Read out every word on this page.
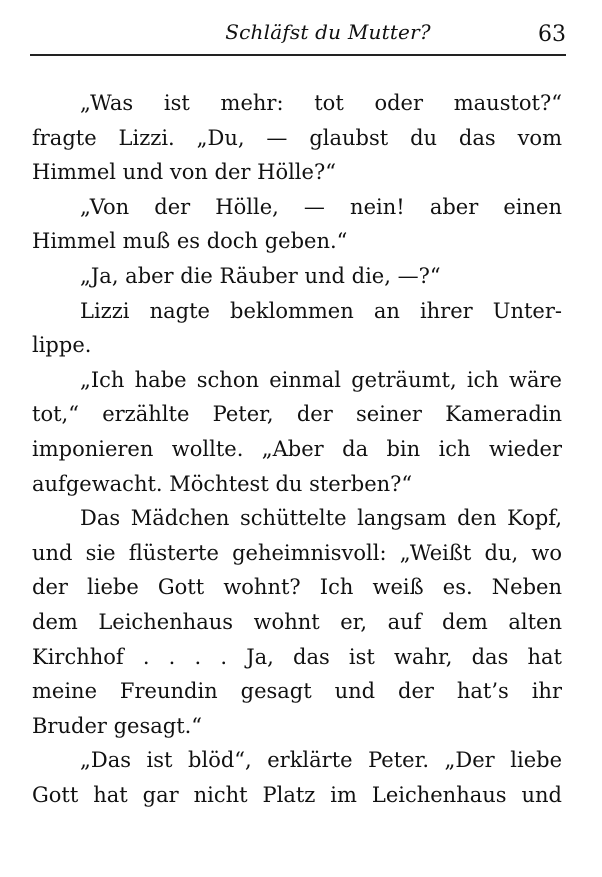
Schläfst du Mutter?	63
„Was ist mehr: tot oder maustot?“
fragte Lizzi. „Du, — glaubst du das vom
Himmel und von der Hölle?“
„Von der Hölle, — nein! aber einen
Himmel muß es doch geben.“
„Ja, aber die Räuber und die, —?“
Lizzi nagte beklommen an ihrer Unter-
lippe.
„Ich habe schon einmal geträumt, ich wäre
tot,“ erzählte Peter, der seiner Kameradin
imponieren wollte. „Aber da bin ich wieder
aufgewacht. Möchtest du sterben?“
Das Mädchen schüttelte langsam den Kopf,
und sie flüsterte geheimnisvoll: „Weißt du, wo
der liebe Gott wohnt? Ich weiß es. Neben
dem Leichenhaus wohnt er, auf dem alten
Kirchhof . . . . Ja, das ist wahr, das hat
meine Freundin gesagt und der hat’s ihr
Bruder gesagt.“
„Das ist blöd“, erklärte Peter. „Der liebe
Gott hat gar nicht Platz im Leichenhaus und
